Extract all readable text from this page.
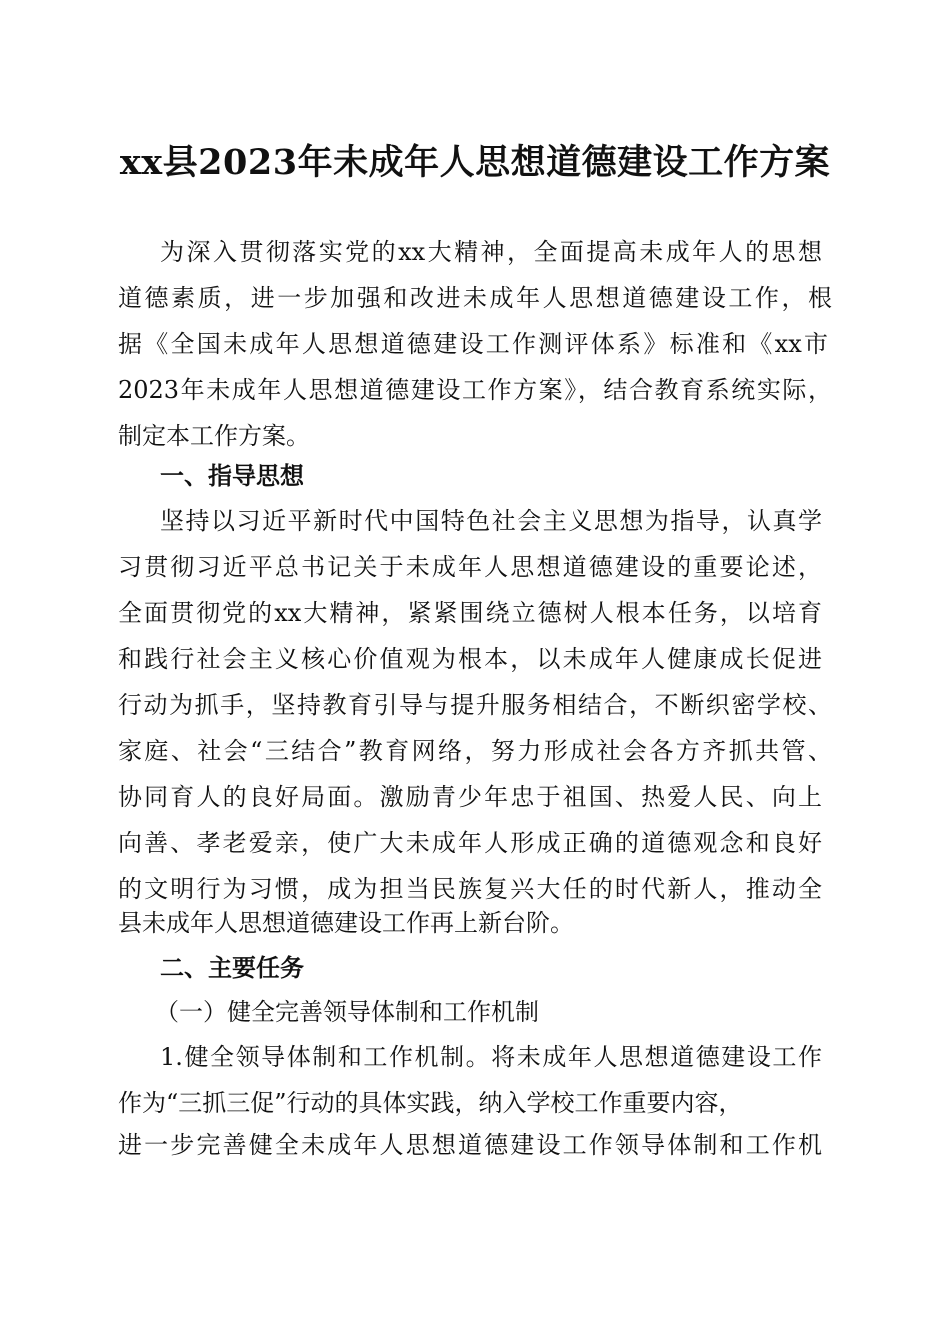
xx县2023年未成年人思想道德建设工作方案

为深入贯彻落实党的xx大精神，全面提高未成年人的思想

道德素质，进一步加强和改进未成年人思想道德建设工作，根

据《全国未成年人思想道德建设工作测评体系》标准和《xx市

2023年未成年人思想道德建设工作方案》，结合教育系统实际，

制定本工作方案。

一、指导思想

坚持以习近平新时代中国特色社会主义思想为指导，认真学

习贯彻习近平总书记关于未成年人思想道德建设的重要论述，

全面贯彻党的xx大精神，紧紧围绕立德树人根本任务，以培育

和践行社会主义核心价值观为根本，以未成年人健康成长促进

行动为抓手，坚持教育引导与提升服务相结合，不断织密学校、

家庭、社会“三结合”教育网络，努力形成社会各方齐抓共管、

协同育人的良好局面。激励青少年忠于祖国、热爱人民、向上

向善、孝老爱亲，使广大未成年人形成正确的道德观念和良好

的文明行为习惯，成为担当民族复兴大任的时代新人，推动全

县未成年人思想道德建设工作再上新台阶。

二、主要任务

（一）健全完善领导体制和工作机制

1.健全领导体制和工作机制。将未成年人思想道德建设工作

作为“三抓三促”行动的具体实践，纳入学校工作重要内容，

进一步完善健全未成年人思想道德建设工作领导体制和工作机
